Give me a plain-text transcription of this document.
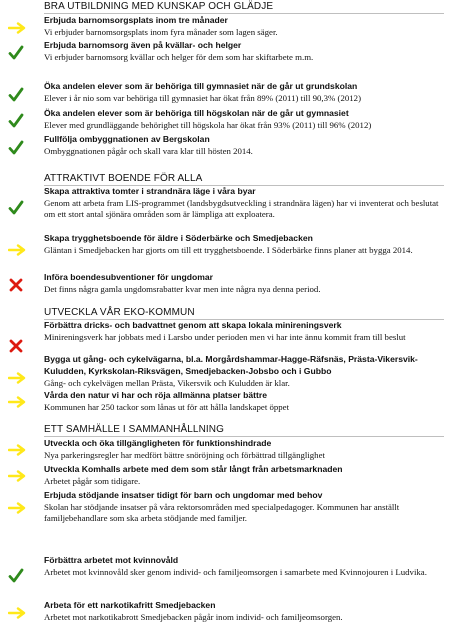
BRA UTBILDNING MED KUNSKAP OCH GLÄDJE
Erbjuda barnomsorgsplats inom tre månader
Vi erbjuder barnomsorgsplats inom fyra månader som lagen säger.
Erbjuda barnomsorg även på kvällar- och helger
Vi erbjuder barnomsorg kvällar och helger för dem som har skiftarbete m.m.
Öka andelen elever som är behöriga till gymnasiet när de går ut grundskolan
Elever i år nio som var behöriga till gymnasiet har ökat från 89% (2011) till 90,3% (2012)
Öka andelen elever som är behöriga till högskolan när de går ut gymnasiet
Elever med grundläggande behörighet till högskola har ökat från 93% (2011) till 96% (2012)
Fullfölja ombyggnationen av Bergskolan
Ombyggnationen pågår och skall vara klar till hösten 2014.
ATTRAKTIVT BOENDE FÖR ALLA
Skapa attraktiva tomter i strandnära läge i våra byar
Genom att arbeta fram LIS-programmet (landsbygdsutveckling i strandnära lägen) har vi inventerat och beslutat om ett stort antal sjönära områden som är lämpliga att exploatera.
Skapa trygghetsboende för äldre i Söderbärke och Smedjebacken
Gläntan i Smedjebacken har gjorts om till ett trygghetsboende. I Söderbärke finns planer att bygga 2014.
Införa boendesubventioner för ungdomar
Det finns några gamla ungdomsrabatter kvar men inte några nya denna period.
UTVECKLA VÅR EKO-KOMMUN
Förbättra dricks- och badvattnet genom att skapa lokala minireningsverk
Minireningsverk har jobbats med i Larsbo under perioden men vi har inte ännu kommit fram till beslut
Bygga ut gång- och cykelvägarna, bl.a. Morgårdshammar-Hagge-Räfsnäs, Prästa-Vikersvik-Kuludden, Kyrkskolan-Riksvägen, Smedjebacken-Jobsbo och i Gubbo
Gång- och cykelvägen mellan Prästa, Vikersvik och Kuludden är klar.
Vårda den natur vi har och röja allmänna platser bättre
Kommunen har 250 tackor som lånas ut för att hålla landskapet öppet
ETT SAMHÄLLE I SAMMANHÅLLNING
Utveckla och öka tillgängligheten för funktionshindrade
Nya parkeringsregler har medfört bättre snöröjning och förbättrad tillgänglighet
Utveckla Komhalls arbete med dem som står långt från arbetsmarknaden
Arbetet pågår som tidigare.
Erbjuda stödjande insatser tidigt för barn och ungdomar med behov
Skolan har stödjande insatser på våra rektorsområden med specialpedagoger. Kommunen har anställt familjebehandlare som ska arbeta stödjande med familjer.
Förbättra arbetet mot kvinnovåld
Arbetet mot kvinnovåld sker genom individ- och familjeomsorgen i samarbete med Kvinnojouren i Ludvika.
Arbeta för ett narkotikafritt Smedjebacken
Arbetet mot narkotikabrott Smedjebacken pågår inom individ- och familjeomsorgen.
